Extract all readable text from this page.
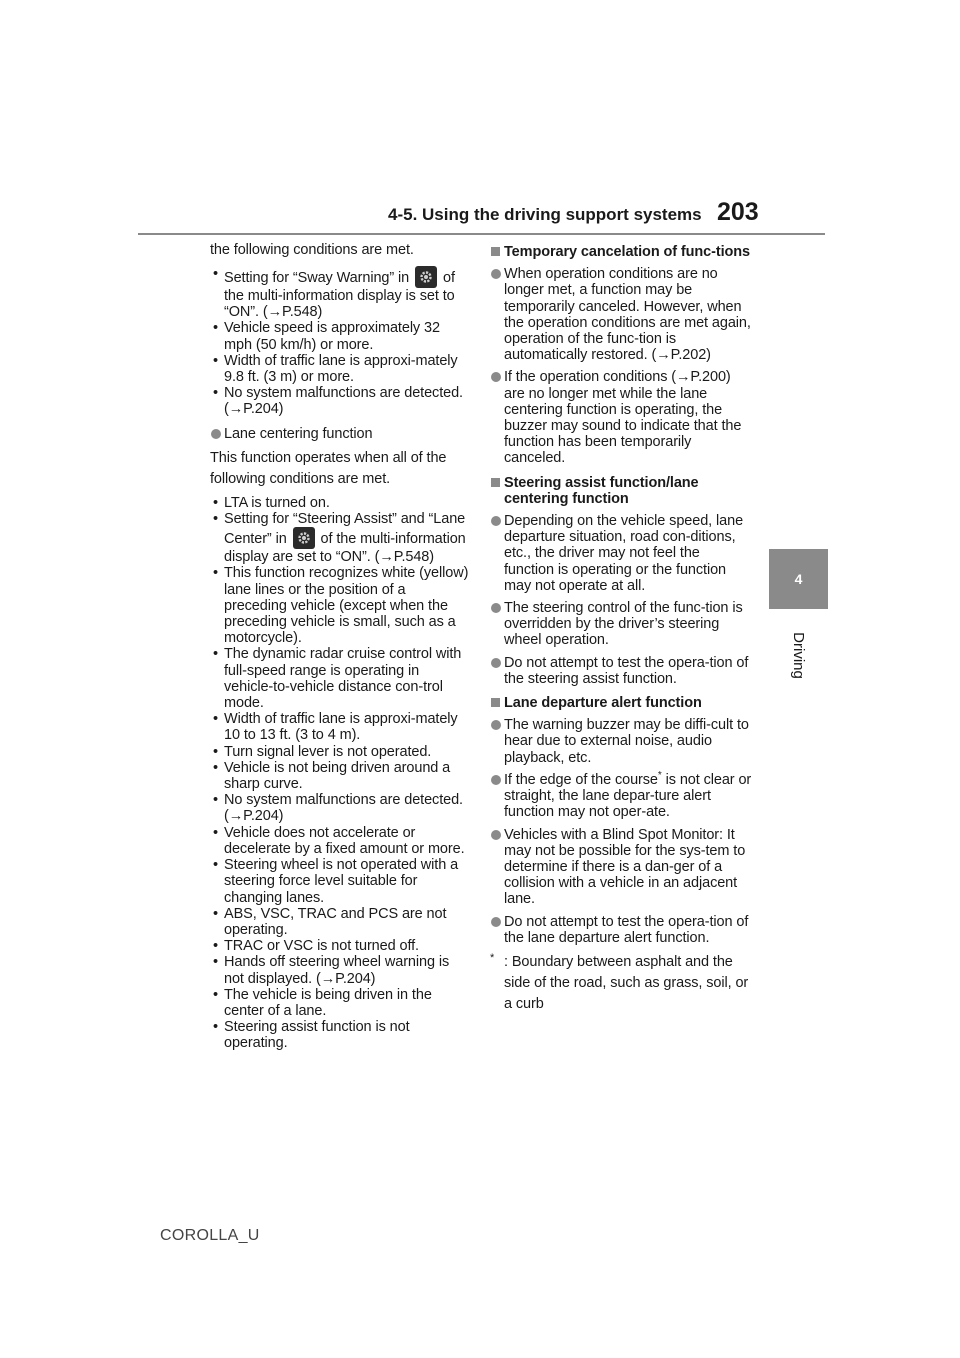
4-5. Using the driving support systems 203
4
Driving

the following conditions are met.

• Setting for “Sway Warning” in of the multi-information display is set to “ON”. (→P.548)
• Vehicle speed is approximately 32 mph (50 km/h) or more.
• Width of traffic lane is approxi-mately 9.8 ft. (3 m) or more.
• No system malfunctions are detected. (→P.204)

Lane centering function

This function operates when all of the following conditions are met.

• LTA is turned on.
• Setting for “Steering Assist” and “Lane Center” in of the multi-information display are set to “ON”. (→P.548)
• This function recognizes white (yellow) lane lines or the position of a preceding vehicle (except when the preceding vehicle is small, such as a motorcycle).
• The dynamic radar cruise control with full-speed range is operating in vehicle-to-vehicle distance con-trol mode.
• Width of traffic lane is approxi-mately 10 to 13 ft. (3 to 4 m).
• Turn signal lever is not operated.
• Vehicle is not being driven around a sharp curve.
• No system malfunctions are detected. (→P.204)
• Vehicle does not accelerate or decelerate by a fixed amount or more.
• Steering wheel is not operated with a steering force level suitable for changing lanes.
• ABS, VSC, TRAC and PCS are not operating.
• TRAC or VSC is not turned off.
• Hands off steering wheel warning is not displayed. (→P.204)
• The vehicle is being driven in the center of a lane.
• Steering assist function is not operating.

Temporary cancelation of func-tions

When operation conditions are no longer met, a function may be temporarily canceled. However, when the operation conditions are met again, operation of the func-tion is automatically restored. (→P.202)

If the operation conditions (→P.200) are no longer met while the lane centering function is operating, the buzzer may sound to indicate that the function has been temporarily canceled.

Steering assist function/lane centering function

Depending on the vehicle speed, lane departure situation, road con-ditions, etc., the driver may not feel the function is operating or the function may not operate at all.

The steering control of the func-tion is overridden by the driver’s steering wheel operation.

Do not attempt to test the opera-tion of the steering assist function.

Lane departure alert function

The warning buzzer may be diffi-cult to hear due to external noise, audio playback, etc.

If the edge of the course* is not clear or straight, the lane depar-ture alert function may not oper-ate.

Vehicles with a Blind Spot Monitor: It may not be possible for the sys-tem to determine if there is a dan-ger of a collision with a vehicle in an adjacent lane.

Do not attempt to test the opera-tion of the lane departure alert function.

* : Boundary between asphalt and the side of the road, such as grass, soil, or a curb
COROLLA_U
